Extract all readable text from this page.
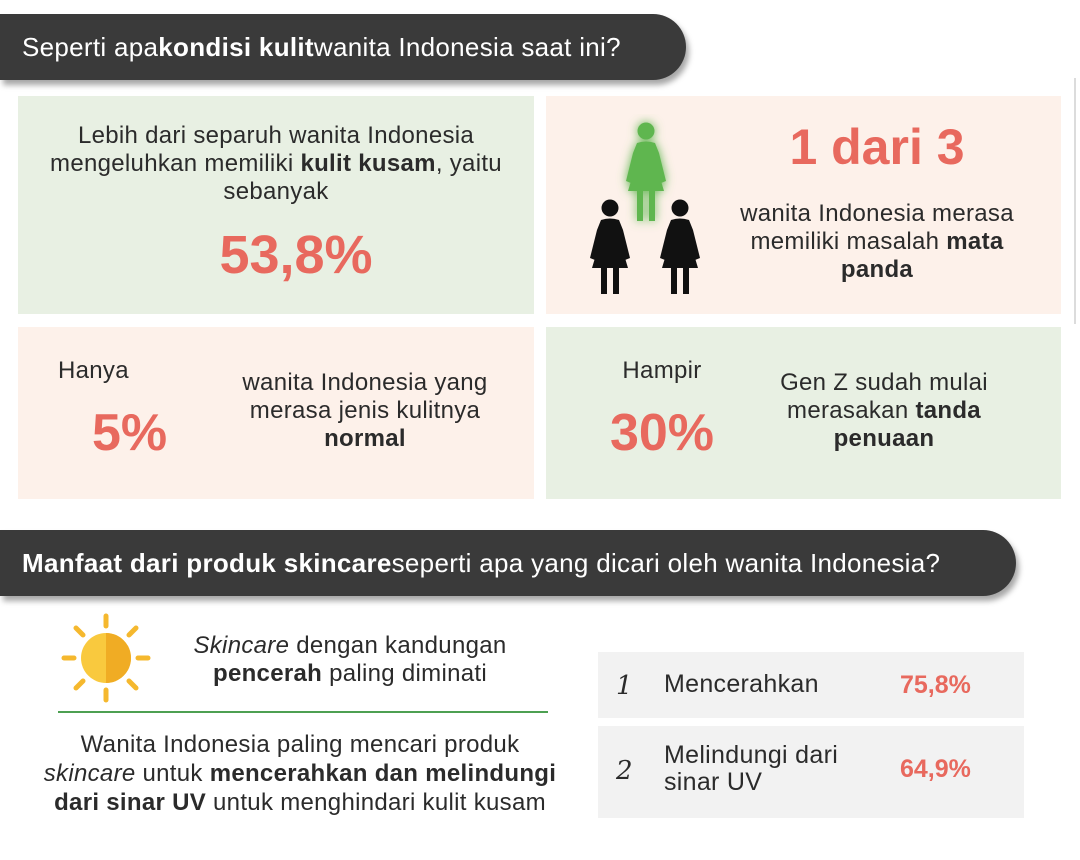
Seperti apa kondisi kulit wanita Indonesia saat ini?
Lebih dari separuh wanita Indonesia mengeluhkan memiliki kulit kusam, yaitu sebanyak
53,8%
1 dari 3
wanita Indonesia merasa memiliki masalah mata panda
Hanya
5%
wanita Indonesia yang merasa jenis kulitnya normal
Hampir
30%
Gen Z sudah mulai merasakan tanda penuaan
Manfaat dari produk skincare seperti apa yang dicari oleh wanita Indonesia?
Skincare dengan kandungan pencerah paling diminati
Wanita Indonesia paling mencari produk skincare untuk mencerahkan dan melindungi dari sinar UV untuk menghindari kulit kusam
1 Mencerahkan	75,8%
2
Melindungi dari sinar UV	64,9%
